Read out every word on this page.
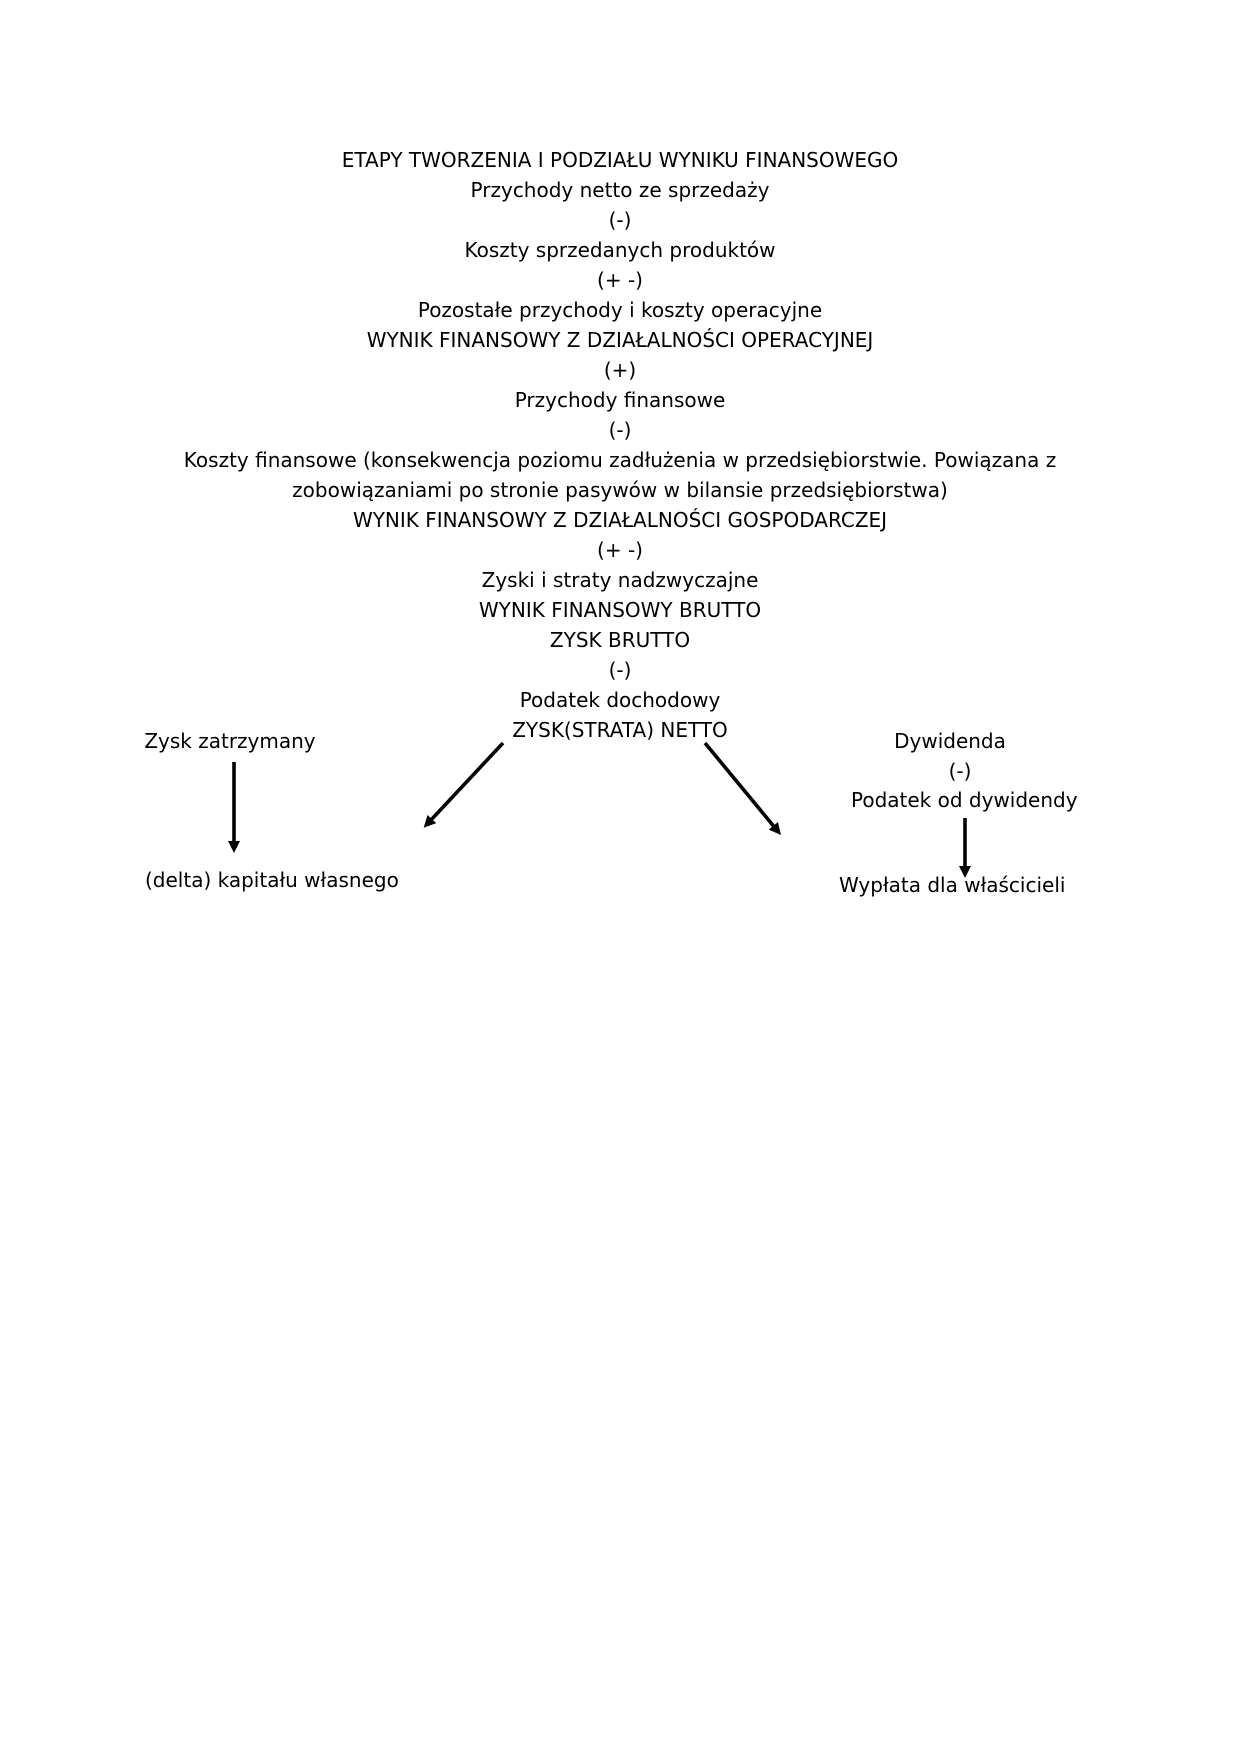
ETAPY TWORZENIA I PODZIAŁU WYNIKU FINANSOWEGO
Przychody netto ze sprzedaży
(-)
Koszty sprzedanych produktów
(+ -)
Pozostałe przychody i koszty operacyjne
WYNIK FINANSOWY Z DZIAŁALNOŚCI OPERACYJNEJ
(+)
Przychody finansowe
(-)
Koszty finansowe (konsekwencja poziomu zadłużenia w przedsiębiorstwie. Powiązana z
zobowiązaniami po stronie pasywów w bilansie przedsiębiorstwa)
WYNIK FINANSOWY Z DZIAŁALNOŚCI GOSPODARCZEJ
(+ -)
Zyski i straty nadzwyczajne
WYNIK FINANSOWY BRUTTO
ZYSK BRUTTO
(-)
Podatek dochodowy
ZYSK(STRATA) NETTO
Zysk zatrzymany	Dywidenda
(-)
Podatek od dywidendy
(delta) kapitału własnego	Wypłata dla właścicieli
